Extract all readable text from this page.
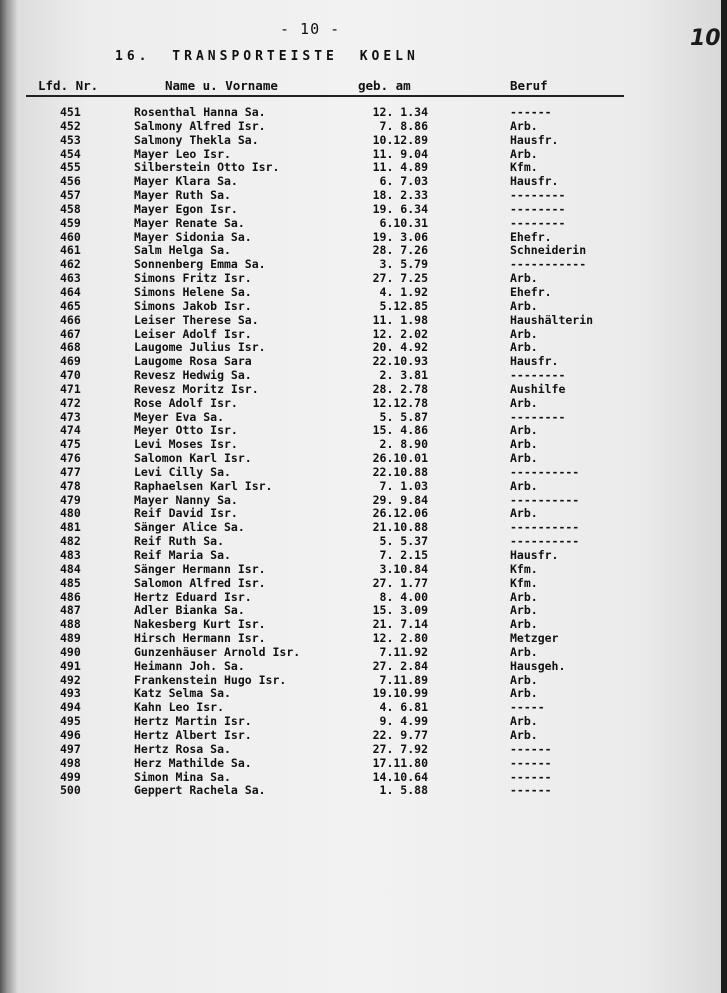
- 10 -	10
16. TRANSPORTEISTE KOELN
Lfd. Nr.	Name u. Vorname	geb. am	Beruf
451	Rosenthal Hanna Sa.	12. 1.34	------
452	Salmony Alfred Isr.	7. 8.86	Arb.
453	Salmony Thekla Sa.	10.12.89	Hausfr.
454	Mayer Leo Isr.	11. 9.04	Arb.
455	Silberstein Otto Isr.	11. 4.89	Kfm.
456	Mayer Klara Sa.	6. 7.03	Hausfr.
457	Mayer Ruth Sa.	18. 2.33	--------
458	Mayer Egon Isr.	19. 6.34	--------
459	Mayer Renate Sa.	6.10.31	--------
460	Mayer Sidonia Sa.	19. 3.06	Ehefr.
461	Salm Helga Sa.	28. 7.26	Schneiderin
462	Sonnenberg Emma Sa.	3. 5.79	-----------
463	Simons Fritz Isr.	27. 7.25	Arb.
464	Simons Helene Sa.	4. 1.92	Ehefr.
465	Simons Jakob Isr.	5.12.85	Arb.
466	Leiser Therese Sa.	11. 1.98	Haushälterin
467	Leiser Adolf Isr.	12. 2.02	Arb.
468	Laugome Julius Isr.	20. 4.92	Arb.
469	Laugome Rosa Sara	22.10.93	Hausfr.
470	Revesz Hedwig Sa.	2. 3.81	--------
471	Revesz Moritz Isr.	28. 2.78	Aushilfe
472	Rose Adolf Isr.	12.12.78	Arb.
473	Meyer Eva Sa.	5. 5.87	--------
474	Meyer Otto Isr.	15. 4.86	Arb.
475	Levi Moses Isr.	2. 8.90	Arb.
476	Salomon Karl Isr.	26.10.01	Arb.
477	Levi Cilly Sa.	22.10.88	----------
478	Raphaelsen Karl Isr.	7. 1.03	Arb.
479	Mayer Nanny Sa.	29. 9.84	----------
480	Reif David Isr.	26.12.06	Arb.
481	Sänger Alice Sa.	21.10.88	----------
482	Reif Ruth Sa.	5. 5.37	----------
483	Reif Maria Sa.	7. 2.15	Hausfr.
484	Sänger Hermann Isr.	3.10.84	Kfm.
485	Salomon Alfred Isr.	27. 1.77	Kfm.
486	Hertz Eduard Isr.	8. 4.00	Arb.
487	Adler Bianka Sa.	15. 3.09	Arb.
488	Nakesberg Kurt Isr.	21. 7.14	Arb.
489	Hirsch Hermann Isr.	12. 2.80	Metzger
490	Gunzenhäuser Arnold Isr.	7.11.92	Arb.
491	Heimann Joh. Sa.	27. 2.84	Hausgeh.
492	Frankenstein Hugo Isr.	7.11.89	Arb.
493	Katz Selma Sa.	19.10.99	Arb.
494	Kahn Leo Isr.	4. 6.81	-----
495	Hertz Martin Isr.	9. 4.99	Arb.
496	Hertz Albert Isr.	22. 9.77	Arb.
497	Hertz Rosa Sa.	27. 7.92	------
498	Herz Mathilde Sa.	17.11.80	------
499	Simon Mina Sa.	14.10.64	------
500	Geppert Rachela Sa.	1. 5.88	------
